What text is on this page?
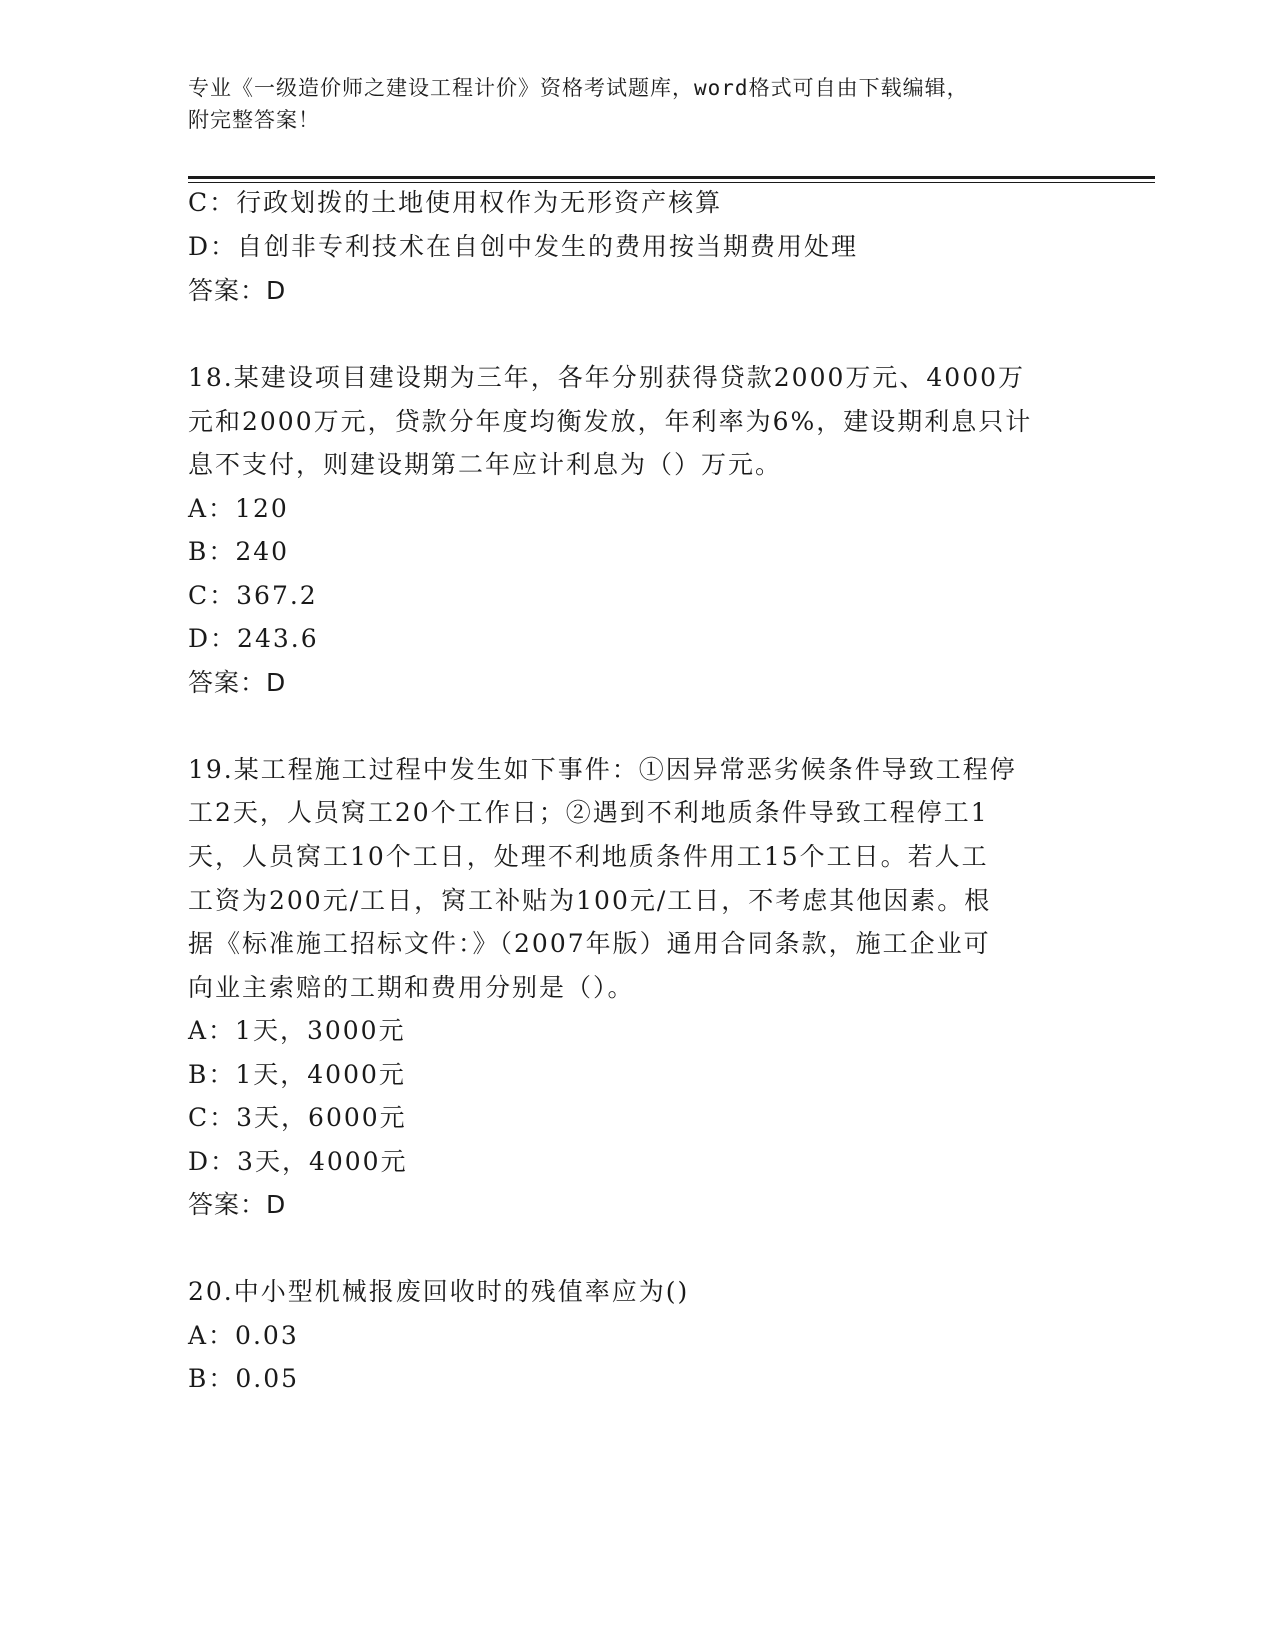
专业《一级造价师之建设工程计价》资格考试题库，word格式可自由下载编辑，
附完整答案！
C：行政划拨的土地使用权作为无形资产核算
D：自创非专利技术在自创中发生的费用按当期费用处理
答案：D
18.某建设项目建设期为三年，各年分别获得贷款2000万元、4000万
元和2000万元，贷款分年度均衡发放，年利率为6%，建设期利息只计
息不支付，则建设期第二年应计利息为（）万元。
A：120
B：240
C：367.2
D：243.6
答案：D
19.某工程施工过程中发生如下事件：①因异常恶劣候条件导致工程停
工2天，人员窝工20个工作日；②遇到不利地质条件导致工程停工1
天，人员窝工10个工日，处理不利地质条件用工15个工日。若人工
工资为200元/工日，窝工补贴为100元/工日，不考虑其他因素。根
据《标准施工招标文件：》（2007年版）通用合同条款，施工企业可
向业主索赔的工期和费用分别是（）。
A：1天，3000元
B：1天，4000元
C：3天，6000元
D：3天，4000元
答案：D
20.中小型机械报废回收时的残值率应为()
A：0.03
B：0.05
